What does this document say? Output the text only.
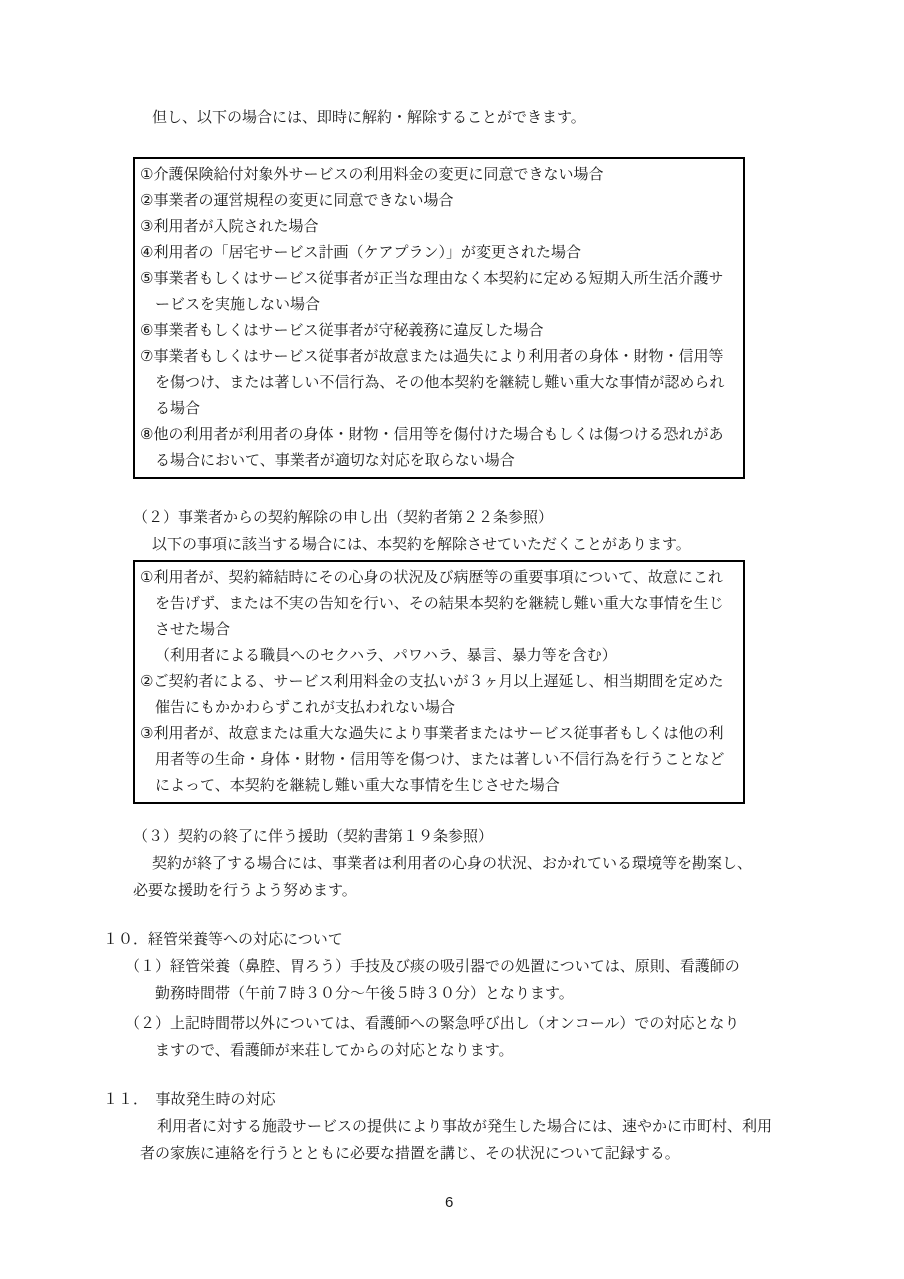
但し、以下の場合には、即時に解約・解除することができます。

①介護保険給付対象外サービスの利用料金の変更に同意できない場合
②事業者の運営規程の変更に同意できない場合
③利用者が入院された場合
④利用者の「居宅サービス計画（ケアプラン）」が変更された場合
⑤事業者もしくはサービス従事者が正当な理由なく本契約に定める短期入所生活介護サービスを実施しない場合
⑥事業者もしくはサービス従事者が守秘義務に違反した場合
⑦事業者もしくはサービス従事者が故意または過失により利用者の身体・財物・信用等を傷つけ、または著しい不信行為、その他本契約を継続し難い重大な事情が認められる場合
⑧他の利用者が利用者の身体・財物・信用等を傷付けた場合もしくは傷つける恐れがある場合において、事業者が適切な対応を取らない場合

（２）事業者からの契約解除の申し出（契約者第２２条参照）

以下の事項に該当する場合には、本契約を解除させていただくことがあります。

①利用者が、契約締結時にその心身の状況及び病歴等の重要事項について、故意にこれを告げず、または不実の告知を行い、その結果本契約を継続し難い重大な事情を生じさせた場合
（利用者による職員へのセクハラ、パワハラ、暴言、暴力等を含む）
②ご契約者による、サービス利用料金の支払いが３ヶ月以上遅延し、相当期間を定めた催告にもかかわらずこれが支払われない場合
③利用者が、故意または重大な過失により事業者またはサービス従事者もしくは他の利用者等の生命・身体・財物・信用等を傷つけ、または著しい不信行為を行うことなどによって、本契約を継続し難い重大な事情を生じさせた場合

（３）契約の終了に伴う援助（契約書第１９条参照）

契約が終了する場合には、事業者は利用者の心身の状況、おかれている環境等を勘案し、

必要な援助を行うよう努めます。

１０．経管栄養等への対応について

（１）経管栄養（鼻腔、胃ろう）手技及び痰の吸引器での処置については、原則、看護師の

勤務時間帯（午前７時３０分～午後５時３０分）となります。

（２）上記時間帯以外については、看護師への緊急呼び出し（オンコール）での対応となり

ますので、看護師が来荘してからの対応となります。

１１．　事故発生時の対応

利用者に対する施設サービスの提供により事故が発生した場合には、速やかに市町村、利用

者の家族に連絡を行うとともに必要な措置を講じ、その状況について記録する。

6
